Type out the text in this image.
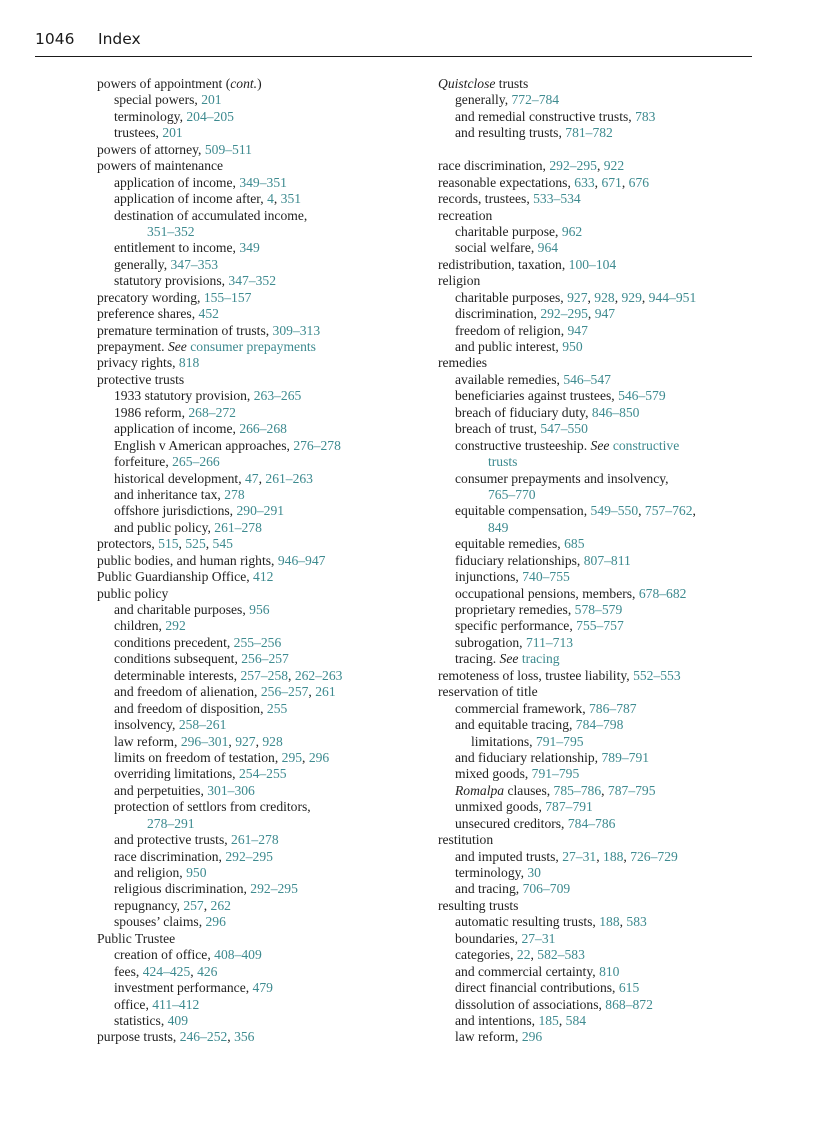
1046 Index
powers of appointment (cont.)
special powers, 201
terminology, 204–205
trustees, 201
powers of attorney, 509–511
powers of maintenance
application of income, 349–351
application of income after, 4, 351
destination of accumulated income,
351–352
entitlement to income, 349
generally, 347–353
statutory provisions, 347–352
precatory wording, 155–157
preference shares, 452
premature termination of trusts, 309–313
prepayment. See consumer prepayments
privacy rights, 818
protective trusts
1933 statutory provision, 263–265
1986 reform, 268–272
application of income, 266–268
English v American approaches, 276–278
forfeiture, 265–266
historical development, 47, 261–263
and inheritance tax, 278
offshore jurisdictions, 290–291
and public policy, 261–278
protectors, 515, 525, 545
public bodies, and human rights, 946–947
Public Guardianship Office, 412
public policy
and charitable purposes, 956
children, 292
conditions precedent, 255–256
conditions subsequent, 256–257
determinable interests, 257–258, 262–263
and freedom of alienation, 256–257, 261
and freedom of disposition, 255
insolvency, 258–261
law reform, 296–301, 927, 928
limits on freedom of testation, 295, 296
overriding limitations, 254–255
and perpetuities, 301–306
protection of settlors from creditors,
278–291
and protective trusts, 261–278
race discrimination, 292–295
and religion, 950
religious discrimination, 292–295
repugnancy, 257, 262
spouses’ claims, 296
Public Trustee
creation of office, 408–409
fees, 424–425, 426
investment performance, 479
office, 411–412
statistics, 409
purpose trusts, 246–252, 356
Quistclose trusts
generally, 772–784
and remedial constructive trusts, 783
and resulting trusts, 781–782
race discrimination, 292–295, 922
reasonable expectations, 633, 671, 676
records, trustees, 533–534
recreation
charitable purpose, 962
social welfare, 964
redistribution, taxation, 100–104
religion
charitable purposes, 927, 928, 929, 944–951
discrimination, 292–295, 947
freedom of religion, 947
and public interest, 950
remedies
available remedies, 546–547
beneficiaries against trustees, 546–579
breach of fiduciary duty, 846–850
breach of trust, 547–550
constructive trusteeship. See constructive
trusts
consumer prepayments and insolvency,
765–770
equitable compensation, 549–550, 757–762,
849
equitable remedies, 685
fiduciary relationships, 807–811
injunctions, 740–755
occupational pensions, members, 678–682
proprietary remedies, 578–579
specific performance, 755–757
subrogation, 711–713
tracing. See tracing
remoteness of loss, trustee liability, 552–553
reservation of title
commercial framework, 786–787
and equitable tracing, 784–798
limitations, 791–795
and fiduciary relationship, 789–791
mixed goods, 791–795
Romalpa clauses, 785–786, 787–795
unmixed goods, 787–791
unsecured creditors, 784–786
restitution
and imputed trusts, 27–31, 188, 726–729
terminology, 30
and tracing, 706–709
resulting trusts
automatic resulting trusts, 188, 583
boundaries, 27–31
categories, 22, 582–583
and commercial certainty, 810
direct financial contributions, 615
dissolution of associations, 868–872
and intentions, 185, 584
law reform, 296
